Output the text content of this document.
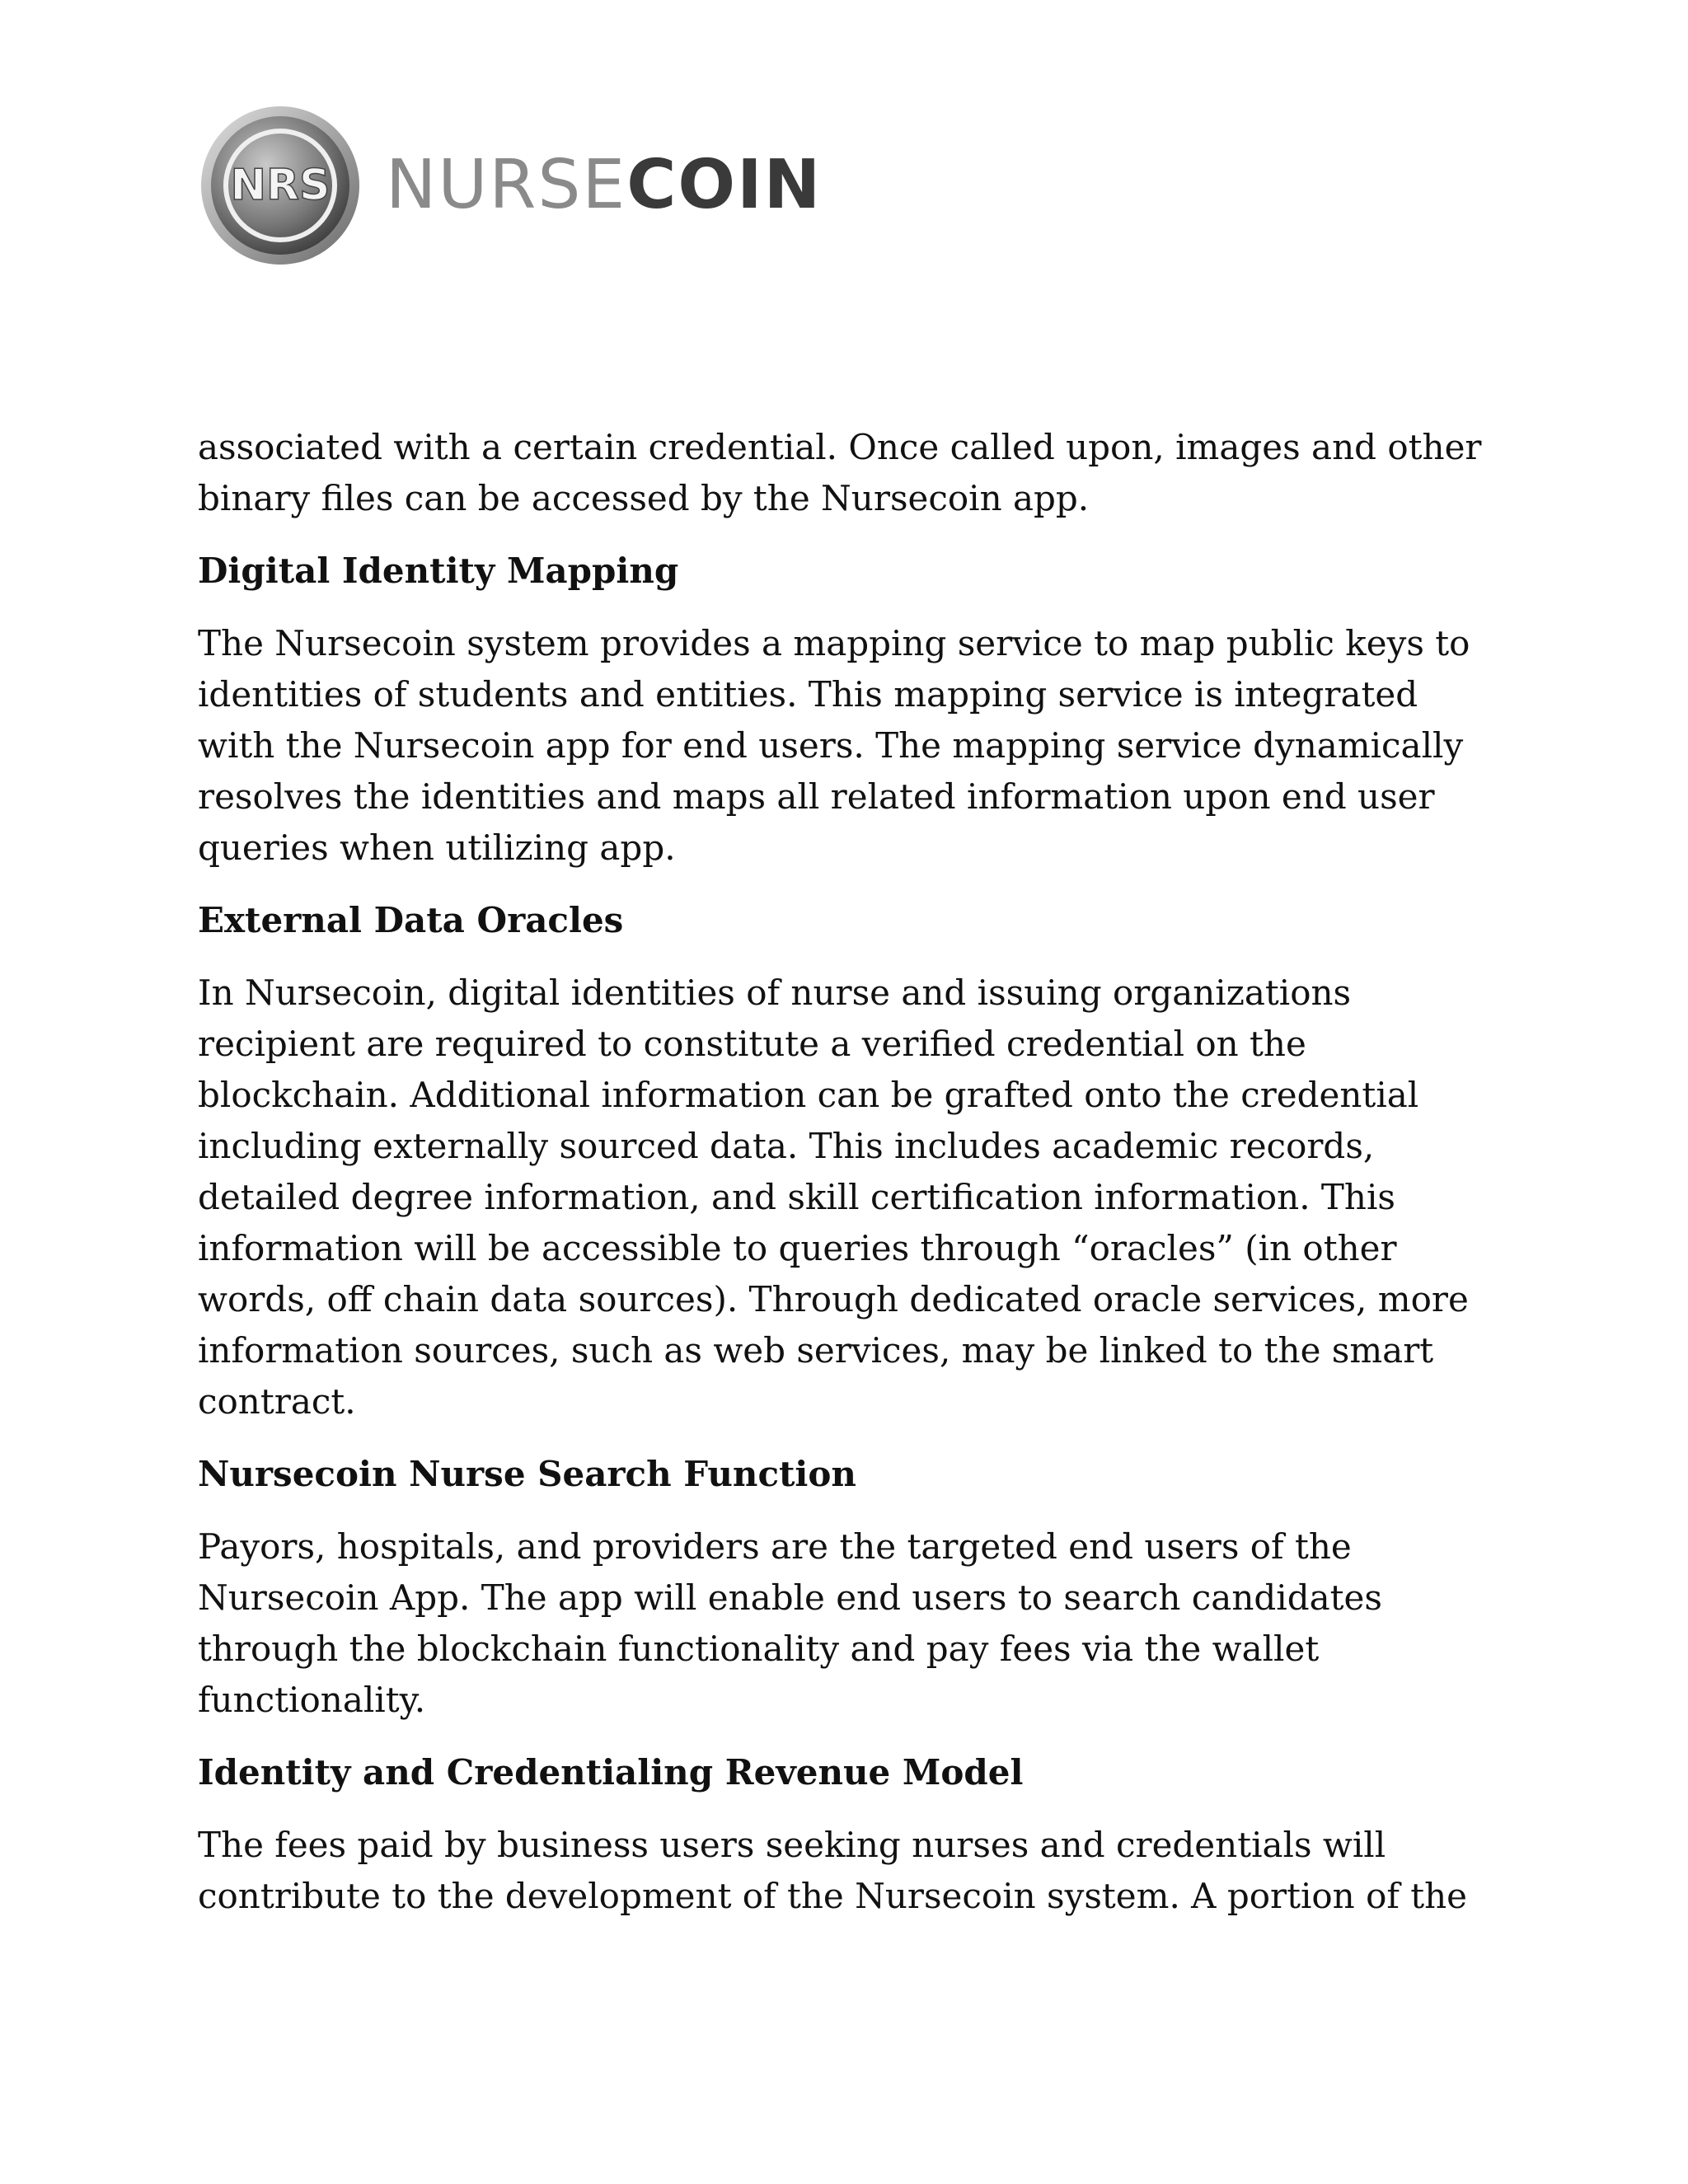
NRS NURSECOIN

associated with a certain credential. Once called upon, images and other binary files can be accessed by the Nursecoin app.

Digital Identity Mapping

The Nursecoin system provides a mapping service to map public keys to identities of students and entities. This mapping service is integrated with the Nursecoin app for end users. The mapping service dynamically resolves the identities and maps all related information upon end user queries when utilizing app.

External Data Oracles

In Nursecoin, digital identities of nurse and issuing organizations recipient are required to constitute a verified credential on the blockchain. Additional information can be grafted onto the credential including externally sourced data. This includes academic records, detailed degree information, and skill certification information. This information will be accessible to queries through “oracles” (in other words, off chain data sources). Through dedicated oracle services, more information sources, such as web services, may be linked to the smart contract.

Nursecoin Nurse Search Function

Payors, hospitals, and providers are the targeted end users of the Nursecoin App. The app will enable end users to search candidates through the blockchain functionality and pay fees via the wallet functionality.

Identity and Credentialing Revenue Model

The fees paid by business users seeking nurses and credentials will contribute to the development of the Nursecoin system. A portion of the
